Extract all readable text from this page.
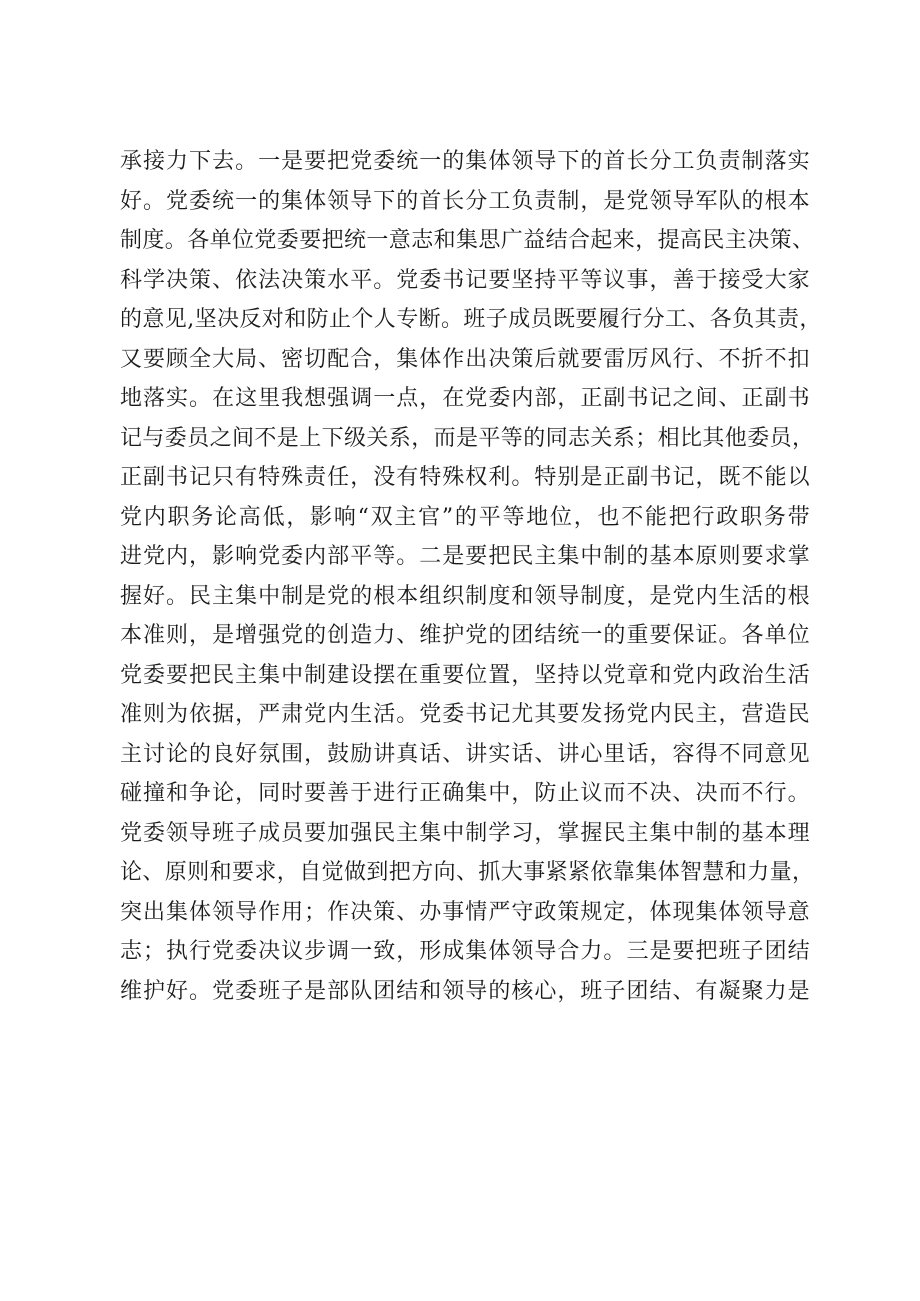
承接力下去。一是要把党委统一的集体领导下的首长分工负责制落实
好。党委统一的集体领导下的首长分工负责制，是党领导军队的根本
制度。各单位党委要把统一意志和集思广益结合起来，提高民主决策、
科学决策、依法决策水平。党委书记要坚持平等议事，善于接受大家
的意见,坚决反对和防止个人专断。班子成员既要履行分工、各负其责，
又要顾全大局、密切配合，集体作出决策后就要雷厉风行、不折不扣
地落实。在这里我想强调一点，在党委内部，正副书记之间、正副书
记与委员之间不是上下级关系，而是平等的同志关系；相比其他委员，
正副书记只有特殊责任，没有特殊权利。特别是正副书记，既不能以
党内职务论高低，影响“双主官”的平等地位，也不能把行政职务带
进党内，影响党委内部平等。二是要把民主集中制的基本原则要求掌
握好。民主集中制是党的根本组织制度和领导制度，是党内生活的根
本准则，是增强党的创造力、维护党的团结统一的重要保证。各单位
党委要把民主集中制建设摆在重要位置，坚持以党章和党内政治生活
准则为依据，严肃党内生活。党委书记尤其要发扬党内民主，营造民
主讨论的良好氛围，鼓励讲真话、讲实话、讲心里话，容得不同意见
碰撞和争论，同时要善于进行正确集中，防止议而不决、决而不行。
党委领导班子成员要加强民主集中制学习，掌握民主集中制的基本理
论、原则和要求，自觉做到把方向、抓大事紧紧依靠集体智慧和力量，
突出集体领导作用；作决策、办事情严守政策规定，体现集体领导意
志；执行党委决议步调一致，形成集体领导合力。三是要把班子团结
维护好。党委班子是部队团结和领导的核心，班子团结、有凝聚力是
